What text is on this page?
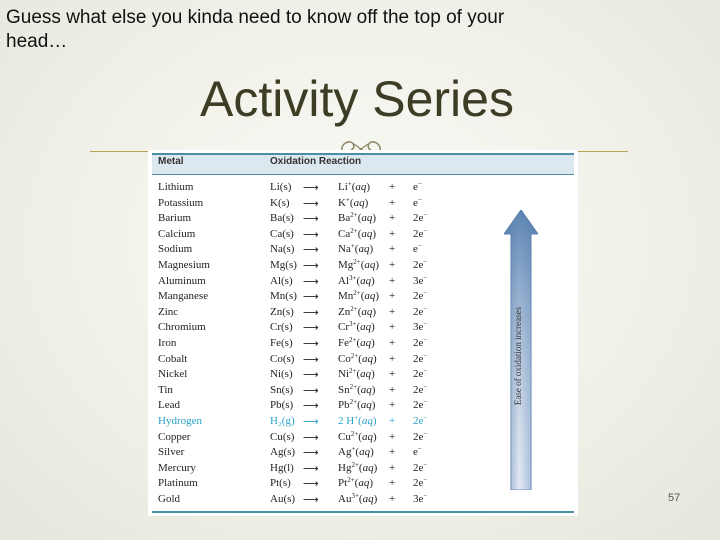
Guess what else you kinda need to know off the top of your head…
Activity Series
Metal	Oxidation Reaction
Lithium	Li(s) ⟶ Li+(aq) + e−
Potassium	K(s) ⟶ K+(aq) + e−
Barium	Ba(s) ⟶ $Ba^{2+}(aq) + 2e^-$
Calcium	Ca(s) ⟶ $Ca^{2+}(aq) + 2e^-$
Sodium	Na(s) ⟶ Na+(aq) + e−
Magnesium	Mg(s) ⟶ $Mg^{2+}(aq) + 2e^-$
Aluminum	Al(s) ⟶ $Al^{3+}(aq) + 3e^-$
Manganese	Mn(s) ⟶ $Mn^{2+}(aq) + 2e^-$
Zinc	Zn(s) ⟶ $Zn^{2+}(aq) + 2e^-$
Chromium	Cr(s) ⟶ $Cr^{3+}(aq) + 3e^-$
Iron	Fe(s) ⟶ $Fe^{2+}(aq) + 2e^-$
Cobalt	Co(s) ⟶ $Co^{2+}(aq) + 2e^-$
Nickel	Ni(s) ⟶ $Ni^{2+}(aq) + 2e^-$
Tin	Sn(s) ⟶ $Sn^{2+}(aq) + 2e^-$
Lead	Pb(s) ⟶ $Pb^{2+}(aq) + 2e^-$
Hydrogen	H₂(g) ⟶ 2 H+(aq) + 2e−
Copper	Cu(s) ⟶ $Cu^{2+}(aq) + 2e^-$
Silver	Ag(s) ⟶ Ag+(aq) + e−
Mercury	Hg(l) ⟶ $Hg^{2+}(aq) + 2e^-$
Platinum	Pt(s) ⟶ $Pt^{2+}(aq) + 2e^-$
Gold	Au(s) ⟶ $Au^{3+}(aq) + 3e^-$
Ease of oxidation increases
57
